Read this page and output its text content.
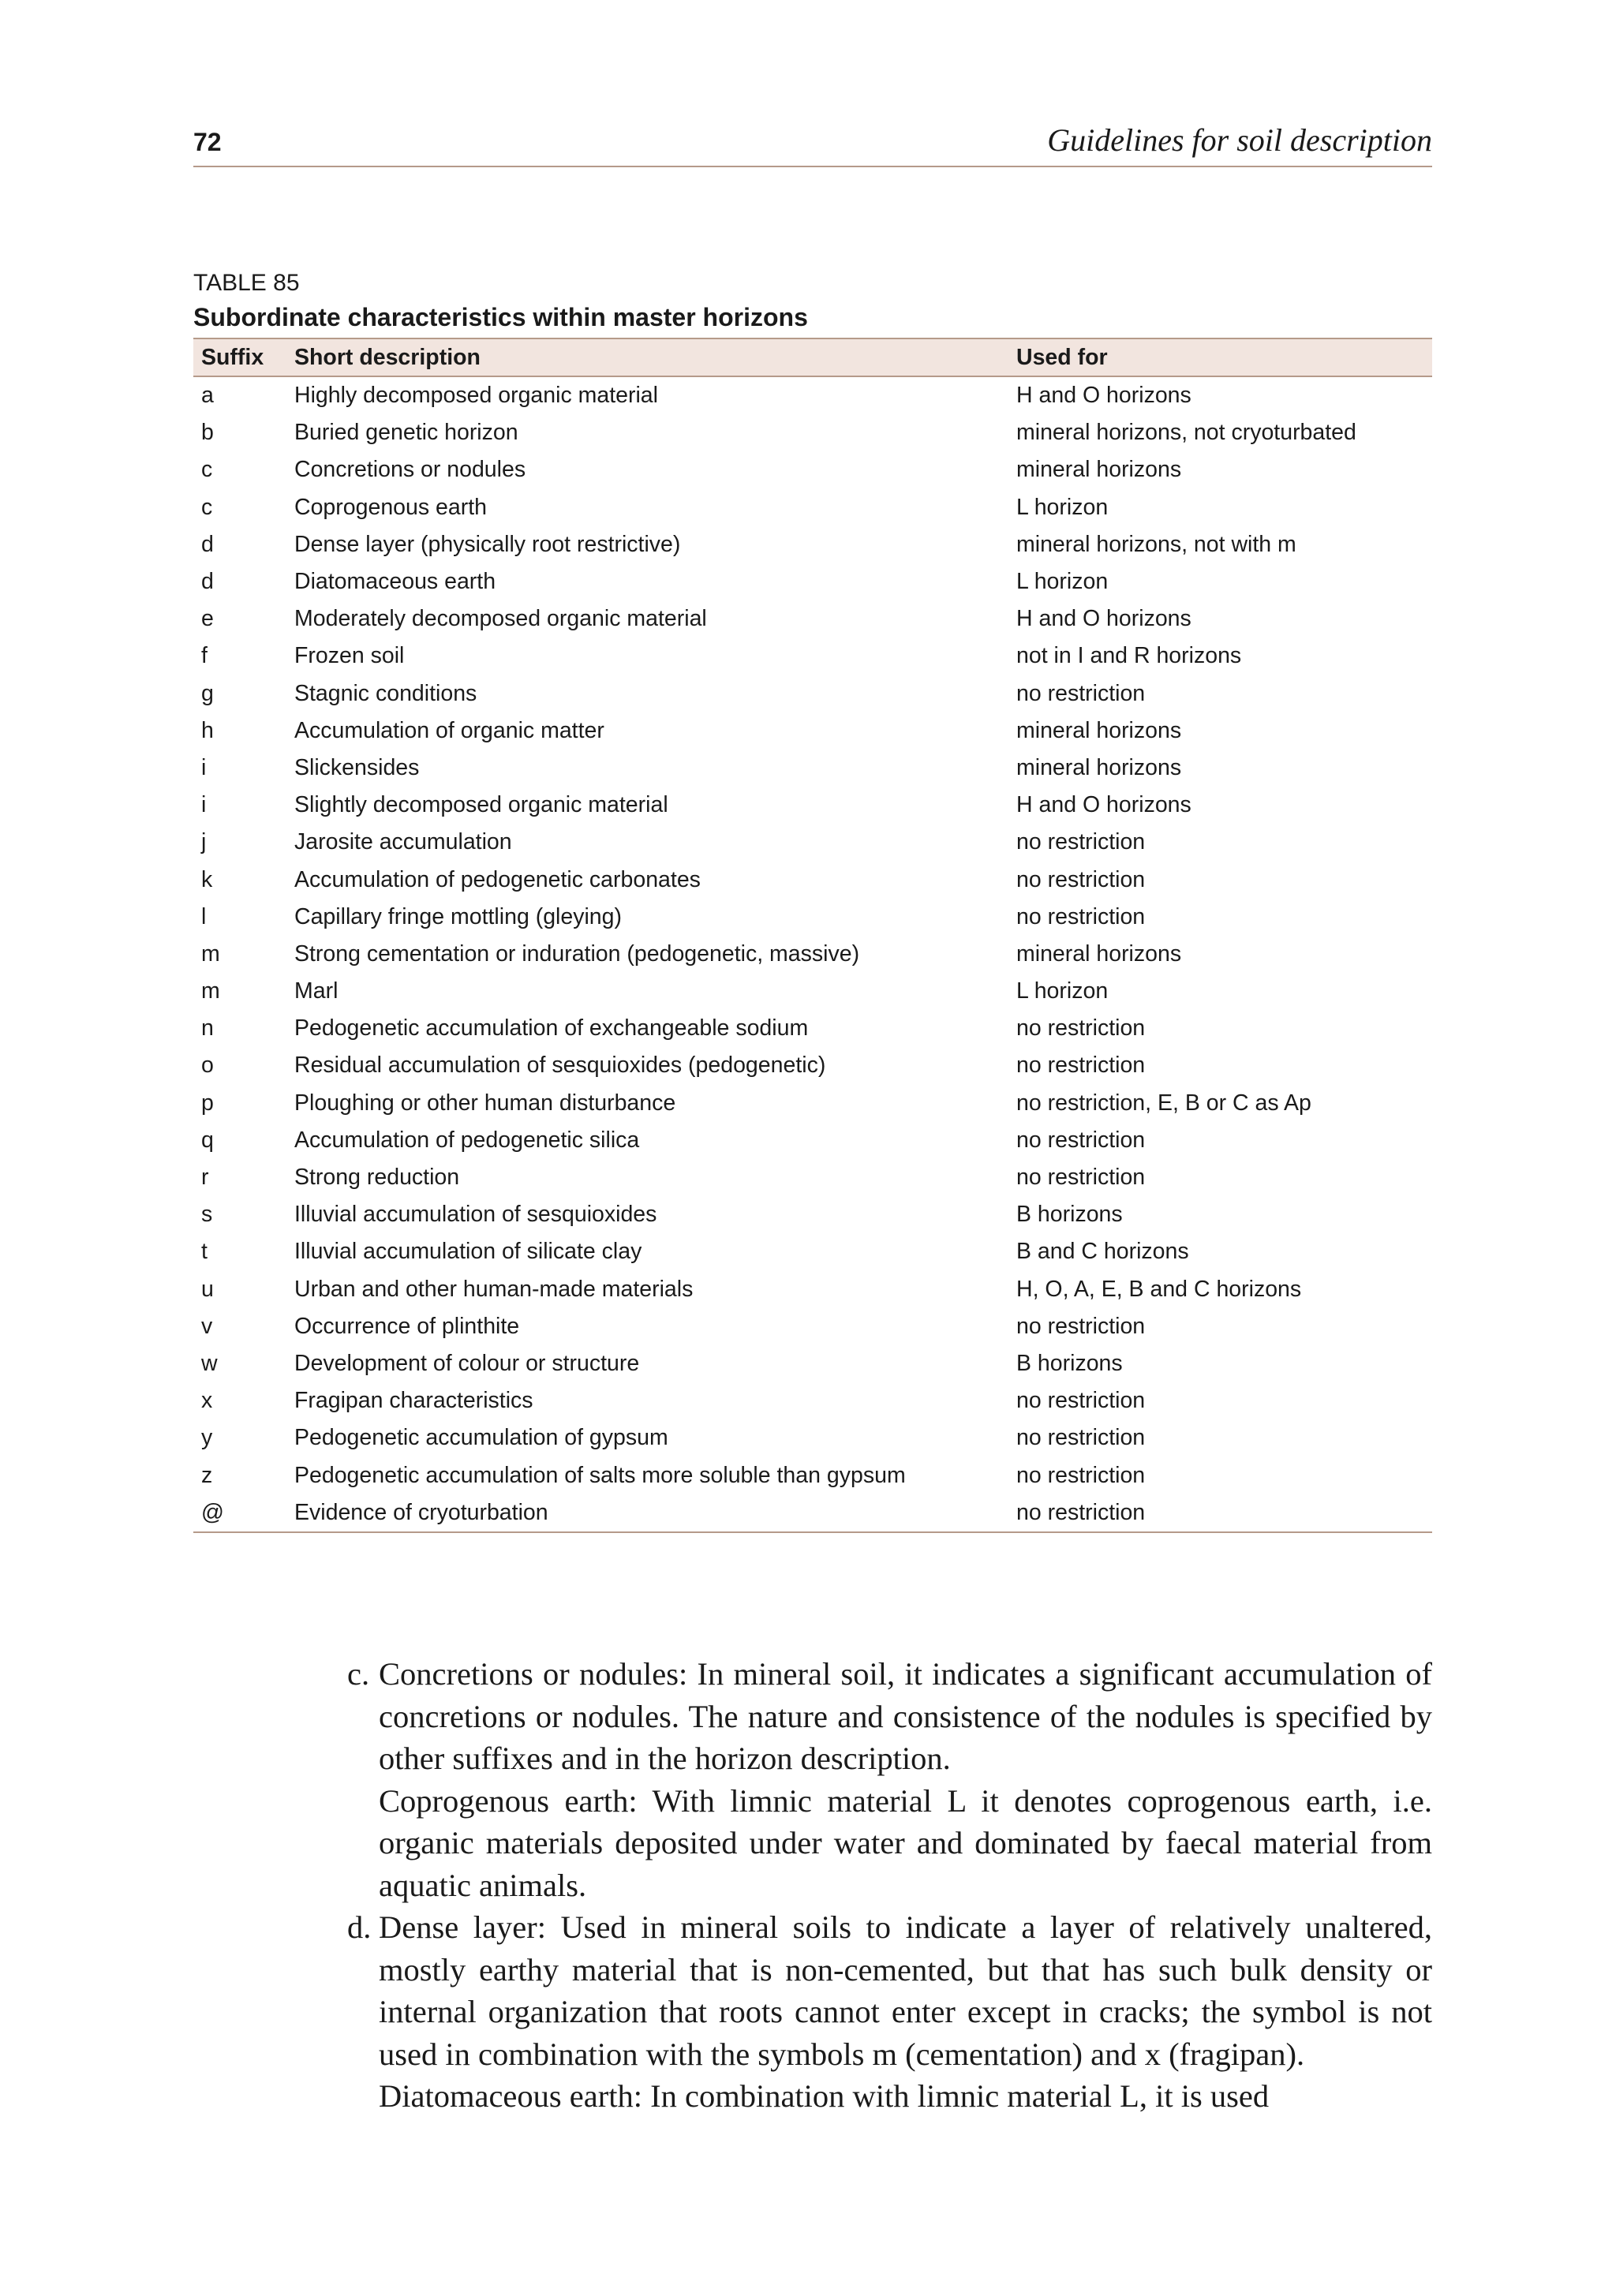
72	Guidelines for soil description
TABLE 85
Subordinate characteristics within master horizons
Suffix	Short description	Used for
a	Highly decomposed organic material	H and O horizons
b	Buried genetic horizon	mineral horizons, not cryoturbated
c	Concretions or nodules	mineral horizons
c	Coprogenous earth	L horizon
d	Dense layer (physically root restrictive)	mineral horizons, not with m
d	Diatomaceous earth	L horizon
e	Moderately decomposed organic material	H and O horizons
f	Frozen soil	not in I and R horizons
g	Stagnic conditions	no restriction
h	Accumulation of organic matter	mineral horizons
i	Slickensides	mineral horizons
i	Slightly decomposed organic material	H and O horizons
j	Jarosite accumulation	no restriction
k	Accumulation of pedogenetic carbonates	no restriction
l	Capillary fringe mottling (gleying)	no restriction
m	Strong cementation or induration (pedogenetic, massive)	mineral horizons
m	Marl	L horizon
n	Pedogenetic accumulation of exchangeable sodium	no restriction
o	Residual accumulation of sesquioxides (pedogenetic)	no restriction
p	Ploughing or other human disturbance	no restriction, E, B or C as Ap
q	Accumulation of pedogenetic silica	no restriction
r	Strong reduction	no restriction
s	Illuvial accumulation of sesquioxides	B horizons
t	Illuvial accumulation of silicate clay	B and C horizons
u	Urban and other human-made materials	H, O, A, E, B and C horizons
v	Occurrence of plinthite	no restriction
w	Development of colour or structure	B horizons
x	Fragipan characteristics	no restriction
y	Pedogenetic accumulation of gypsum	no restriction
z	Pedogenetic accumulation of salts more soluble than gypsum	no restriction
@	Evidence of cryoturbation	no restriction
c. Concretions or nodules: In mineral soil, it indicates a significant accumulation of concretions or nodules. The nature and consistence of the nodules is specified by other suffixes and in the horizon description.

Coprogenous earth: With limnic material L it denotes coprogenous earth, i.e. organic materials deposited under water and dominated by faecal material from aquatic animals.

d. Dense layer: Used in mineral soils to indicate a layer of relatively unaltered, mostly earthy material that is non-cemented, but that has such bulk density or internal organization that roots cannot enter except in cracks; the symbol is not used in combination with the symbols m (cementation) and x (fragipan).

Diatomaceous earth: In combination with limnic material L, it is used
